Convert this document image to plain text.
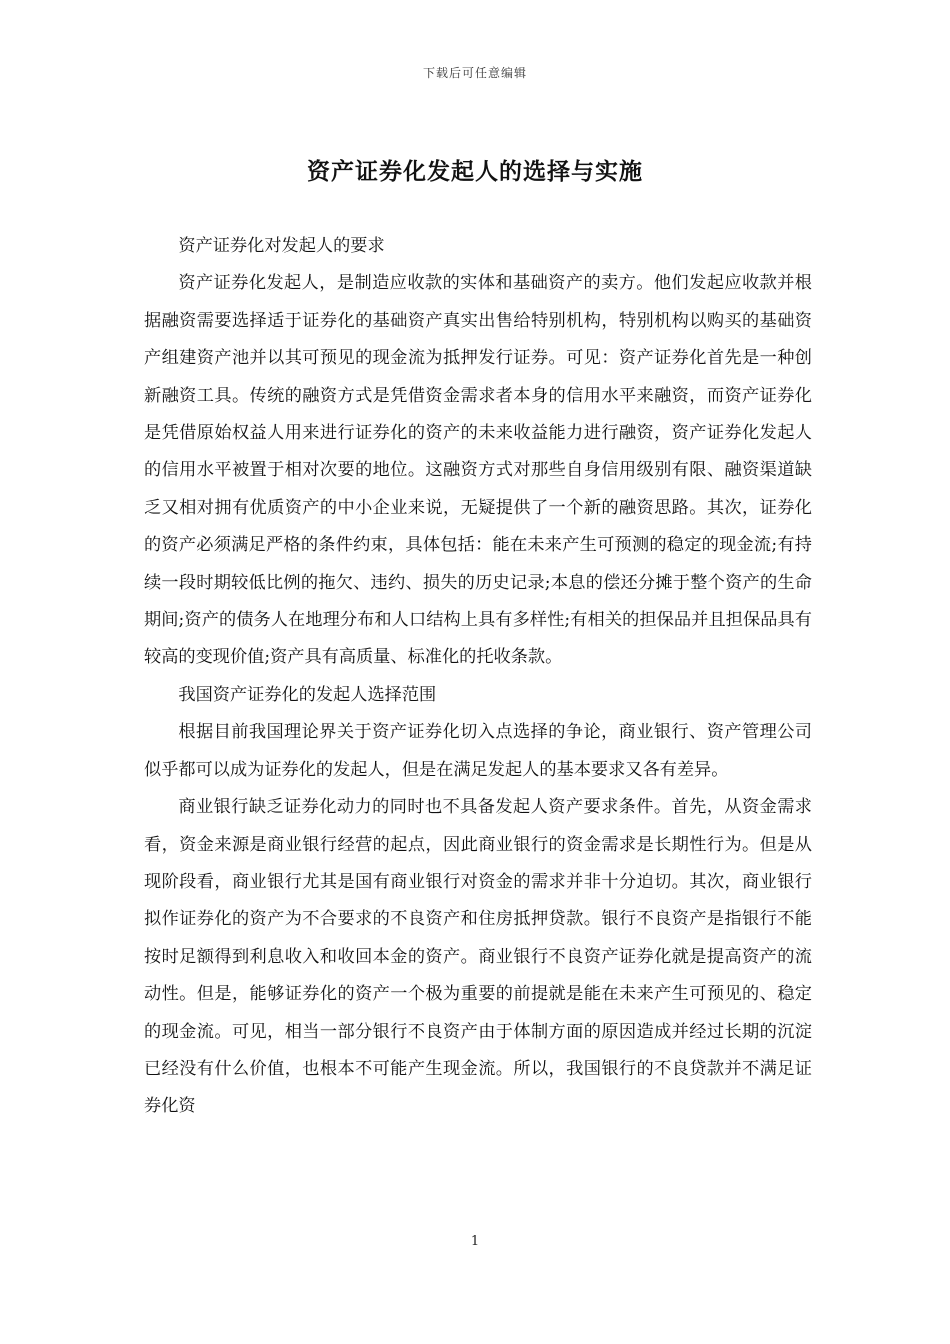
下载后可任意编辑
资产证券化发起人的选择与实施

资产证券化对发起人的要求

资产证券化发起人，是制造应收款的实体和基础资产的卖方。他们发起应收款并根据融资需要选择适于证券化的基础资产真实出售给特别机构，特别机构以购买的基础资产组建资产池并以其可预见的现金流为抵押发行证券。可见：资产证券化首先是一种创新融资工具。传统的融资方式是凭借资金需求者本身的信用水平来融资，而资产证券化是凭借原始权益人用来进行证券化的资产的未来收益能力进行融资，资产证券化发起人的信用水平被置于相对次要的地位。这融资方式对那些自身信用级别有限、融资渠道缺乏又相对拥有优质资产的中小企业来说，无疑提供了一个新的融资思路。其次，证券化的资产必须满足严格的条件约束，具体包括：能在未来产生可预测的稳定的现金流;有持续一段时期较低比例的拖欠、违约、损失的历史记录;本息的偿还分摊于整个资产的生命期间;资产的债务人在地理分布和人口结构上具有多样性;有相关的担保品并且担保品具有较高的变现价值;资产具有高质量、标准化的托收条款。

我国资产证券化的发起人选择范围

根据目前我国理论界关于资产证券化切入点选择的争论，商业银行、资产管理公司似乎都可以成为证券化的发起人，但是在满足发起人的基本要求又各有差异。

商业银行缺乏证券化动力的同时也不具备发起人资产要求条件。首先，从资金需求看，资金来源是商业银行经营的起点，因此商业银行的资金需求是长期性行为。但是从现阶段看，商业银行尤其是国有商业银行对资金的需求并非十分迫切。其次，商业银行拟作证券化的资产为不合要求的不良资产和住房抵押贷款。银行不良资产是指银行不能按时足额得到利息收入和收回本金的资产。商业银行不良资产证券化就是提高资产的流动性。但是，能够证券化的资产一个极为重要的前提就是能在未来产生可预见的、稳定的现金流。可见，相当一部分银行不良资产由于体制方面的原因造成并经过长期的沉淀已经没有什么价值，也根本不可能产生现金流。所以，我国银行的不良贷款并不满足证券化资

1
